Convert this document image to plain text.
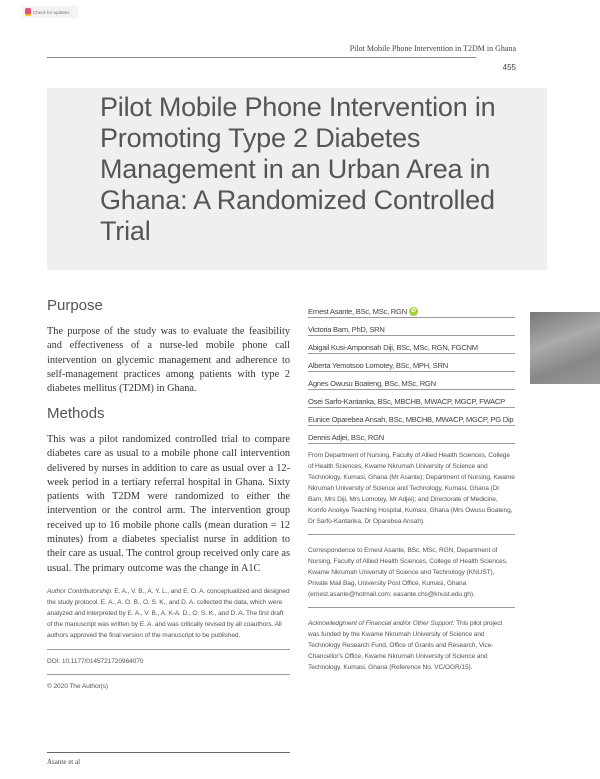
Check for updates
Pilot Mobile Phone Intervention in T2DM in Ghana
455
Pilot Mobile Phone Intervention in Promoting Type 2 Diabetes Management in an Urban Area in Ghana: A Randomized Controlled Trial
Purpose

The purpose of the study was to evaluate the feasibility and effectiveness of a nurse-led mobile phone call intervention on glycemic management and adherence to self-management practices among patients with type 2 diabetes mellitus (T2DM) in Ghana.

Methods

This was a pilot randomized controlled trial to compare diabetes care as usual to a mobile phone call intervention delivered by nurses in addition to care as usual over a 12-week period in a tertiary referral hospital in Ghana. Sixty patients with T2DM were randomized to either the intervention or the control arm. The intervention group received up to 16 mobile phone calls (mean duration = 12 minutes) from a diabetes specialist nurse in addition to their care as usual. The control group received only care as usual. The primary outcome was the change in A1C

Ernest Asante, BSc, MSc, RGN iD
Victoria Bam, PhD, SRN
Abigail Kusi-Amponsah Diji, BSc, MSc, RGN, FGCNM
Alberta Yemotsoo Lomotey, BSc, MPH, SRN
Agnes Owusu Boateng, BSc, MSc, RGN
Osei Sarfo-Kantanka, BSc, MBCHB, MWACP, MGCP, FWACP
Eunice Oparebea Ansah, BSc, MBCHB, MWACP, MGCP, PG Dip
Dennis Adjei, BSc, RGN

From Department of Nursing, Faculty of Allied Health Sciences, College of Health Sciences, Kwame Nkrumah University of Science and Technology, Kumasi, Ghana (Mr Asante); Department of Nursing, Kwame Nkrumah University of Science and Technology, Kumasi, Ghana (Dr Bam, Mrs Diji, Mrs Lomotey, Mr Adjei); and Directorate of Medicine, Komfo Anokye Teaching Hospital, Kumasi, Ghana (Mrs Owusu Boateng, Dr Sarfo-Kantanka, Dr Oparebea Ansah).

Correspondence to Ernest Asante, BSc, MSc, RGN, Department of Nursing, Faculty of Allied Health Sciences, College of Health Sciences, Kwame Nkrumah University of Science and Technology (KNUST), Private Mail Bag, University Post Office, Kumasi, Ghana (ernest.asante@hotmail.com; easante.chs@knust.edu.gh).

Acknowledgment of Financial and/or Other Support: This pilot project was funded by the Kwame Nkrumah University of Science and Technology Research Fund, Office of Grants and Research, Vice-Chancellor's Office, Kwame Nkrumah University of Science and Technology, Kumasi, Ghana (Reference No. VC/OGR/15).

Author Contributorship: E. A., V. B., A. Y. L., and E. O. A. conceptualized and designed the study protocol. E. A., A. O. B., O. S. K., and D. A. collected the data, which were analyzed and interpreted by E. A., V. B., A. K-A. D., O. S. K., and D. A. The first draft of the manuscript was written by E. A. and was critically revised by all coauthors. All authors approved the final version of the manuscript to be published.

DOI: 10.1177/0145721720964070

© 2020 The Author(s)

Asante et al
